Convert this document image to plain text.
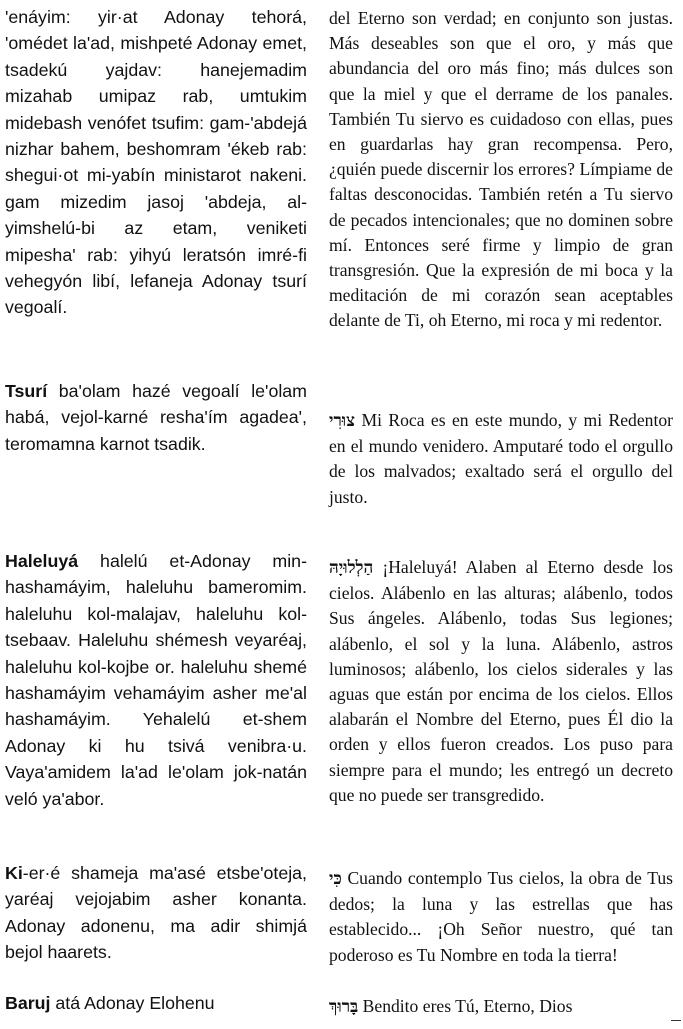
'enáyim: yir·at Adonay tehorá, 'omédet la'ad, mishpeté Adonay emet, tsadekú yajdav: hanejemadim mizahab umipaz rab, umtukim midebash venófet tsufim: gam-'abdejá nizhar bahem, beshomram 'ékeb rab: shegui·ot mi-yabín ministarot nakeni. gam mizedim jasoj 'abdeja, al-yimshelú-bi az etam, veniketi mipesha' rab: yihyú leratsón imré-fi vehegyón libí, lefaneja Adonay tsurí vegoalí.

Tsurí ba'olam hazé vegoalí le'olam habá, vejol-karné resha'ím agadea', teromamna karnot tsadik.

Haleluyá halelú et-Adonay min-hashamáyim, haleluhu bameromim. haleluhu kol-malajav, haleluhu kol-tsebaav. Haleluhu shémesh veyaréaj, haleluhu kol-kojbe or. haleluhu shemé hashamáyim vehamáyim asher me'al hashamáyim. Yehalelú et-shem Adonay ki hu tsivá venibra·u. Vaya'amidem la'ad le'olam jok-natán veló ya'abor.

Ki-er·é shameja ma'asé etsbe'oteja, yaréaj vejojabim asher konanta. Adonay adonenu, ma adir shimjá bejol haarets.

Baruj atá Adonay Elohenu

del Eterno son verdad; en conjunto son justas. Más deseables son que el oro, y más que abundancia del oro más fino; más dulces son que la miel y que el derrame de los panales. También Tu siervo es cuidadoso con ellas, pues en guardarlas hay gran recompensa. Pero, ¿quién puede discernir los errores? Límpiame de faltas desconocidas. También retén a Tu siervo de pecados intencionales; que no dominen sobre mí. Entonces seré firme y limpio de gran transgresión. Que la expresión de mi boca y la meditación de mi corazón sean aceptables delante de Ti, oh Eterno, mi roca y mi redentor.

צוּרִי Mi Roca es en este mundo, y mi Redentor en el mundo venidero. Amputaré todo el orgullo de los malvados; exaltado será el orgullo del justo.

הַלְלוּיָהּ ¡Haleluyá! Alaben al Eterno desde los cielos. Alábenlo en las alturas; alábenlo, todos Sus ángeles. Alábenlo, todas Sus legiones; alábenlo, el sol y la luna. Alábenlo, astros luminosos; alábenlo, los cielos siderales y las aguas que están por encima de los cielos. Ellos alabarán el Nombre del Eterno, pues Él dio la orden y ellos fueron creados. Los puso para siempre para el mundo; les entregó un decreto que no puede ser transgredido.

כִּי Cuando contemplo Tus cielos, la obra de Tus dedos; la luna y las estrellas que has establecido... ¡Oh Señor nuestro, qué tan poderoso es Tu Nombre en toda la tierra!

בָּרוּךְ Bendito eres Tú, Eterno, Dios
